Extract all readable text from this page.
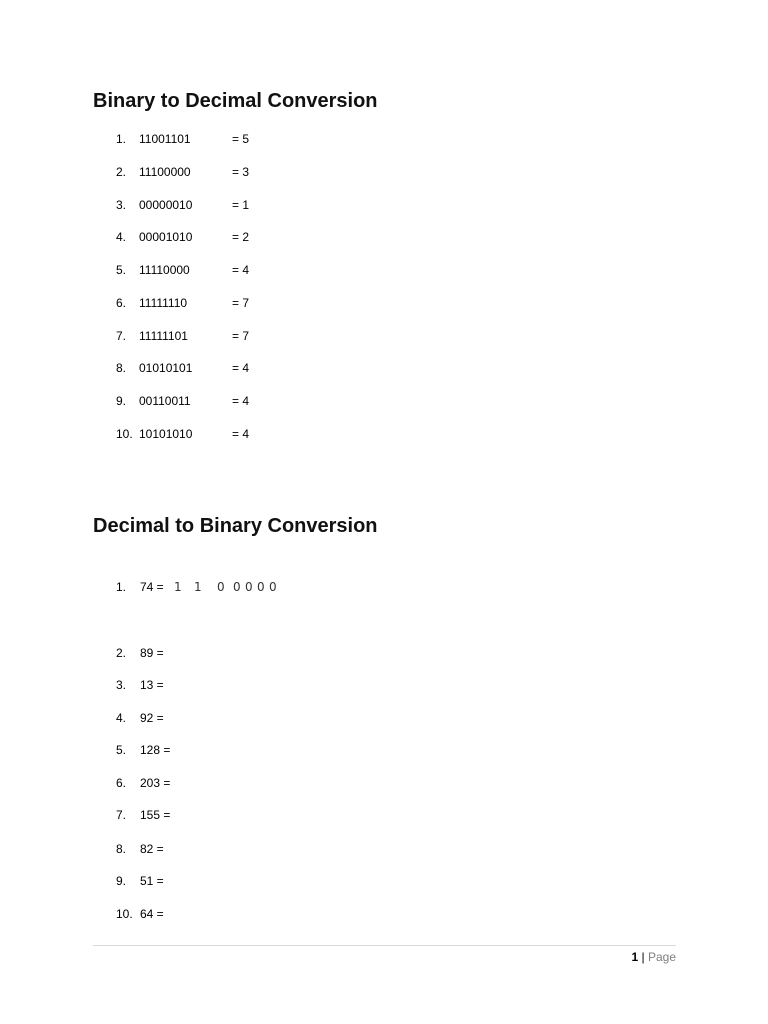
Binary to Decimal Conversion
1. 11001101	= 5
2. 11100000	= 3
3. 00000010	= 1
4. 00001010	= 2
5. 11110000	= 4
6. 11111110	= 7
7. 11111101	= 7
8. 01010101	= 4
9. 00110011	= 4
10. 10101010	= 4
Decimal to Binary Conversion
1. 74 = 1 1 0 0 0 0 0
2. 89 =
3. 13 =
4. 92 =
5. 128 =
6. 203 =
7. 155 =
8. 82 =
9. 51 =
10. 64 =
1 | Page
